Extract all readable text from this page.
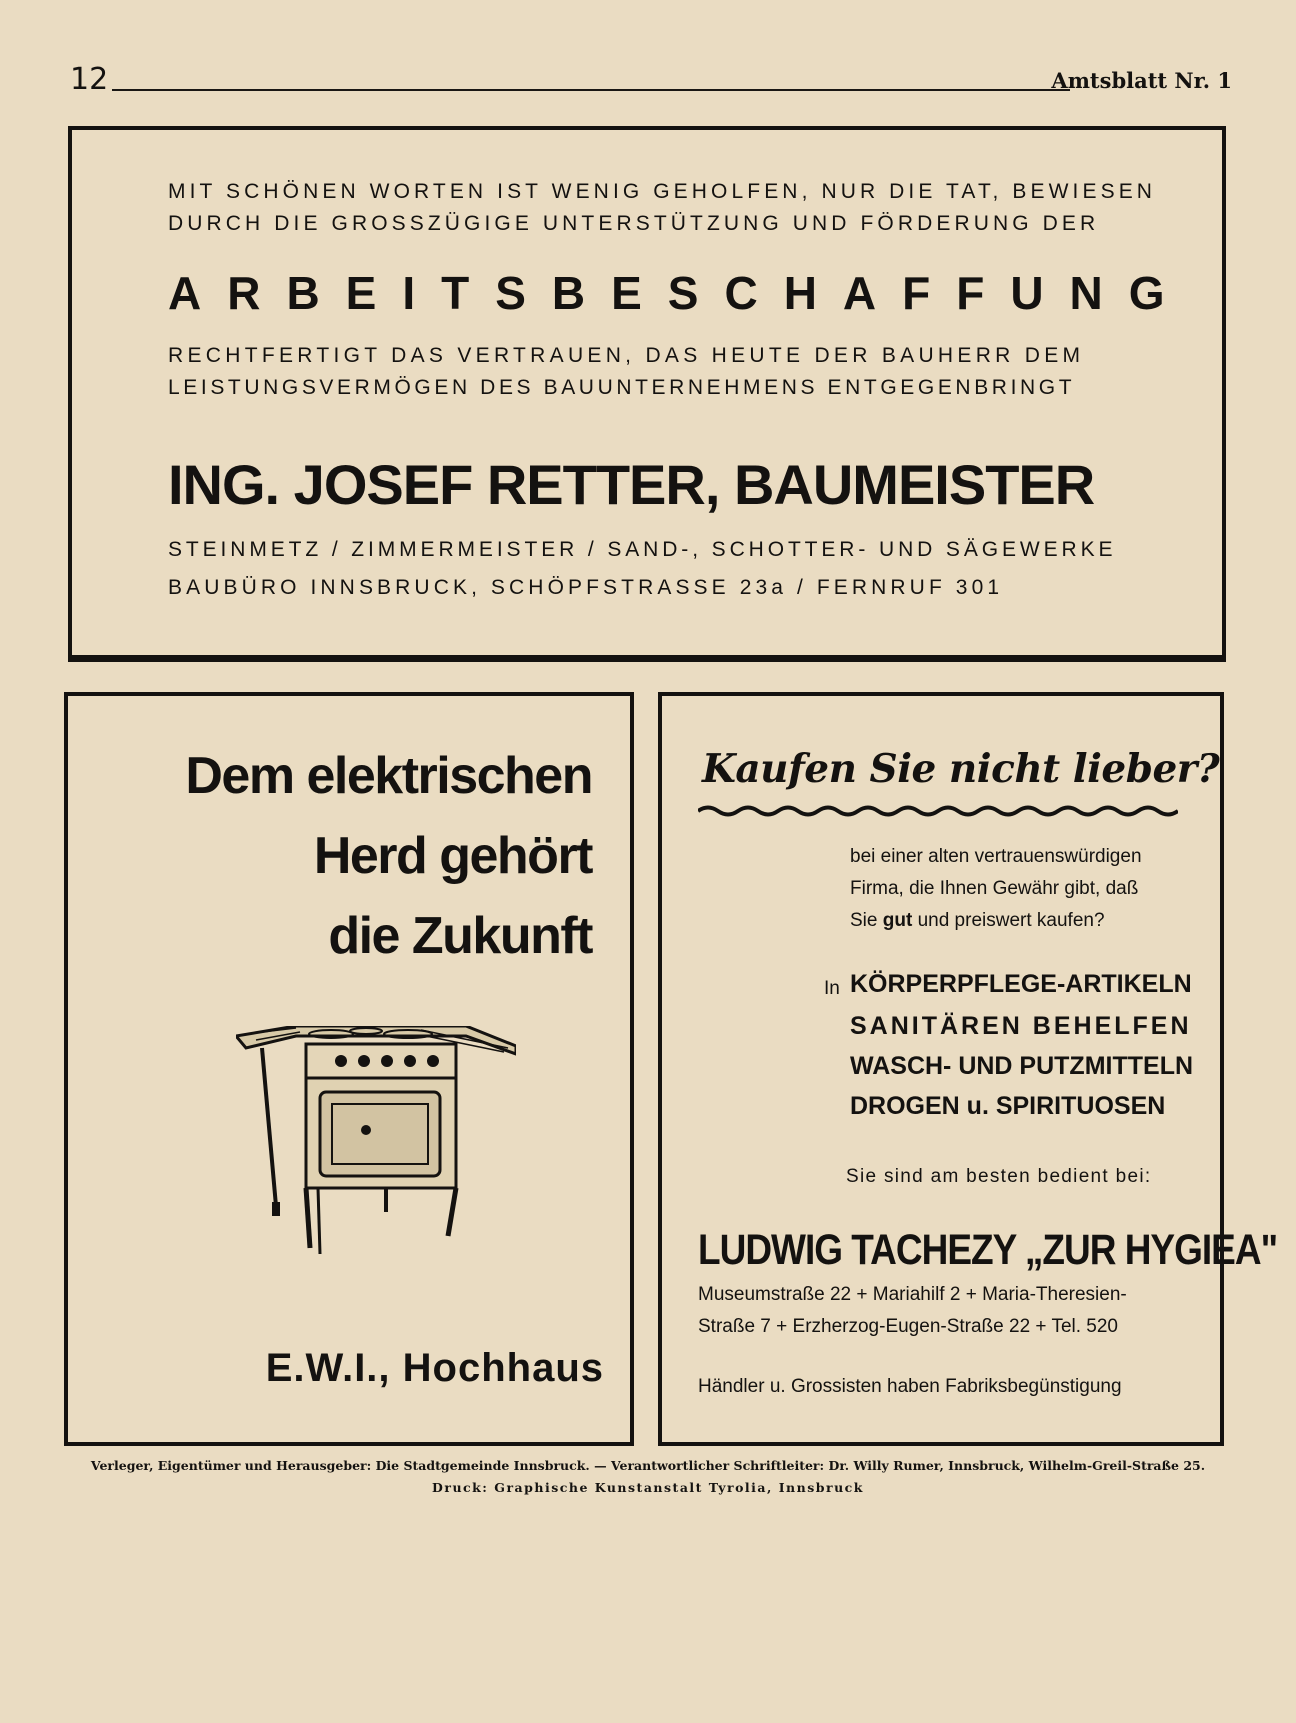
12	Amtsblatt Nr. 1
MIT SCHÖNEN WORTEN IST WENIG GEHOLFEN, NUR DIE TAT, BEWIESEN
DURCH DIE GROSSZÜGIGE UNTERSTÜTZUNG UND FÖRDERUNG DER
ARBEITSBESCHAFFUNG
RECHTFERTIGT DAS VERTRAUEN, DAS HEUTE DER BAUHERR DEM
LEISTUNGSVERMÖGEN DES BAUUNTERNEHMENS ENTGEGENBRINGT
ING. JOSEF RETTER, BAUMEISTER
STEINMETZ / ZIMMERMEISTER / SAND-, SCHOTTER- UND SÄGEWERKE
BAUBÜRO INNSBRUCK, SCHÖPFSTRASSE 23a / FERNRUF 301
Dem elektrischen
Herd gehört
die Zukunft
E.W.I., Hochhaus
Kaufen Sie nicht lieber?
bei einer alten vertrauenswürdigen
Firma, die Ihnen Gewähr gibt, daß
Sie gut und preiswert kaufen?
In KÖRPERPFLEGE-ARTIKELN
SANITÄREN BEHELFEN
WASCH- UND PUTZMITTELN
DROGEN u. SPIRITUOSEN
Sie sind am besten bedient bei:
LUDWIG TACHEZY „ZUR HYGIEA"
Museumstraße 22 + Mariahilf 2 + Maria-Theresien-
Straße 7 + Erzherzog-Eugen-Straße 22 + Tel. 520
Händler u. Grossisten haben Fabriksbegünstigung
Verleger, Eigentümer und Herausgeber: Die Stadtgemeinde Innsbruck. — Verantwortlicher Schriftleiter: Dr. Willy Rumer, Innsbruck, Wilhelm-Greil-Straße 25.
Druck: Graphische Kunstanstalt Tyrolia, Innsbruck
